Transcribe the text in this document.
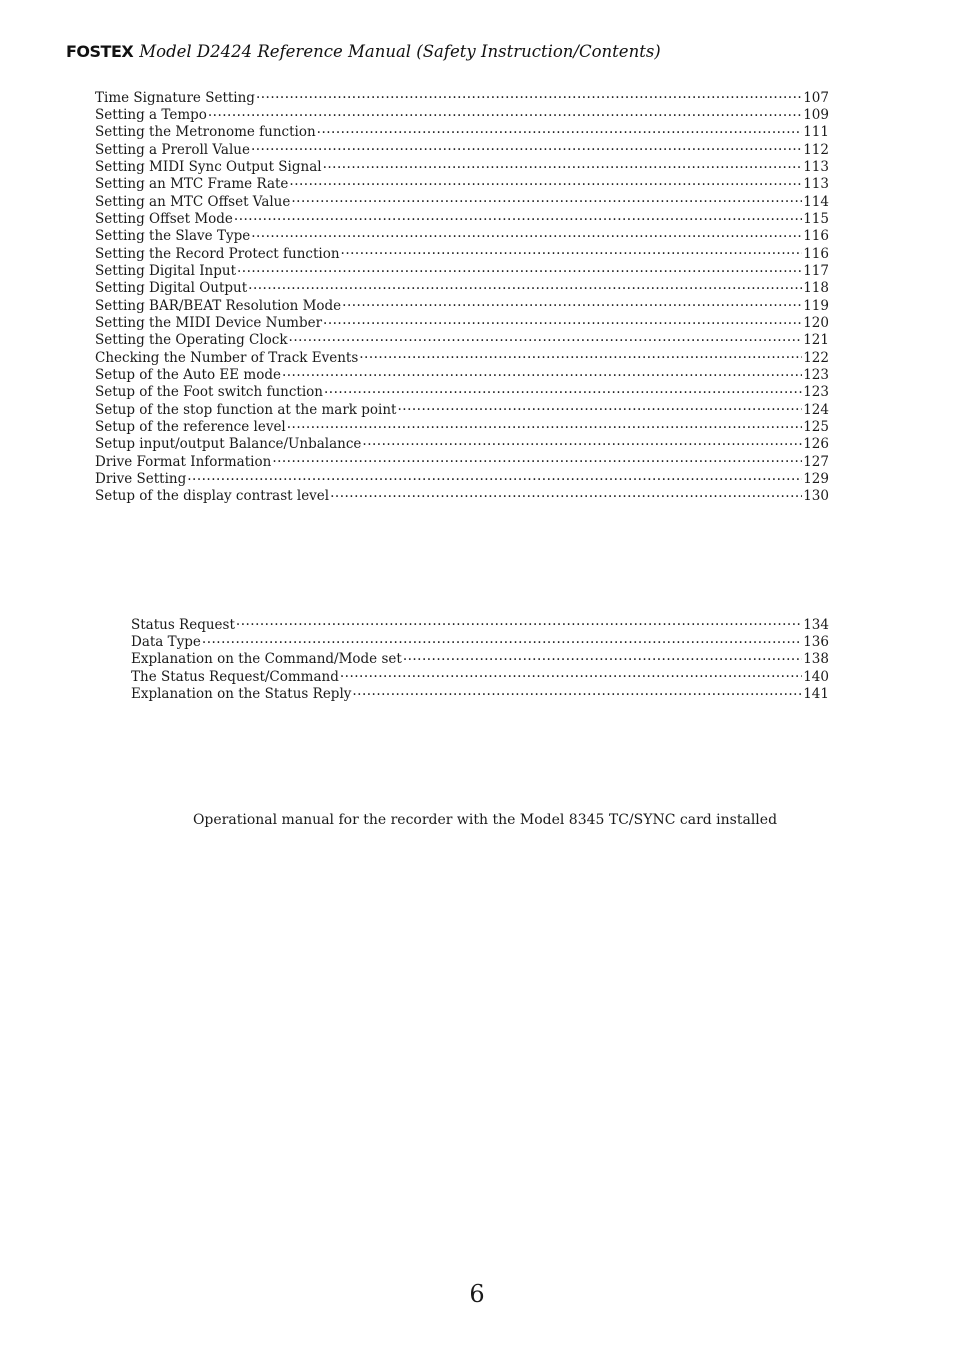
FOSTEX Model D2424 Reference Manual (Safety Instruction/Contents)
Time Signature Setting .....	107
Setting a Tempo .....	109
Setting the Metronome function .....	111
Setting a Preroll Value .....	112
Setting MIDI Sync Output Signal .....	113
Setting an MTC Frame Rate .....	113
Setting an MTC Offset Value .....	114
Setting Offset Mode .....	115
Setting the Slave Type .....	116
Setting the Record Protect function .....	116
Setting Digital Input .....	117
Setting Digital Output .....	118
Setting BAR/BEAT Resolution Mode .....	119
Setting the MIDI Device Number .....	120
Setting the Operating Clock .....	121
Checking the Number of Track Events .....	122
Setup of the Auto EE mode .....	123
Setup of the Foot switch function .....	123
Setup of the stop function at the mark point .....	124
Setup of the reference level .....	125
Setup input/output Balance/Unbalance .....	126
Drive Format Information .....	127
Drive Setting .....	129
Setup of the display contrast level .....	130
Status Request .....	134
Data Type .....	136
Explanation on the Command/Mode set .....	138
The Status Request/Command .....	140
Explanation on the Status Reply .....	141
Operational manual for the recorder with the Model 8345 TC/SYNC card installed
6
